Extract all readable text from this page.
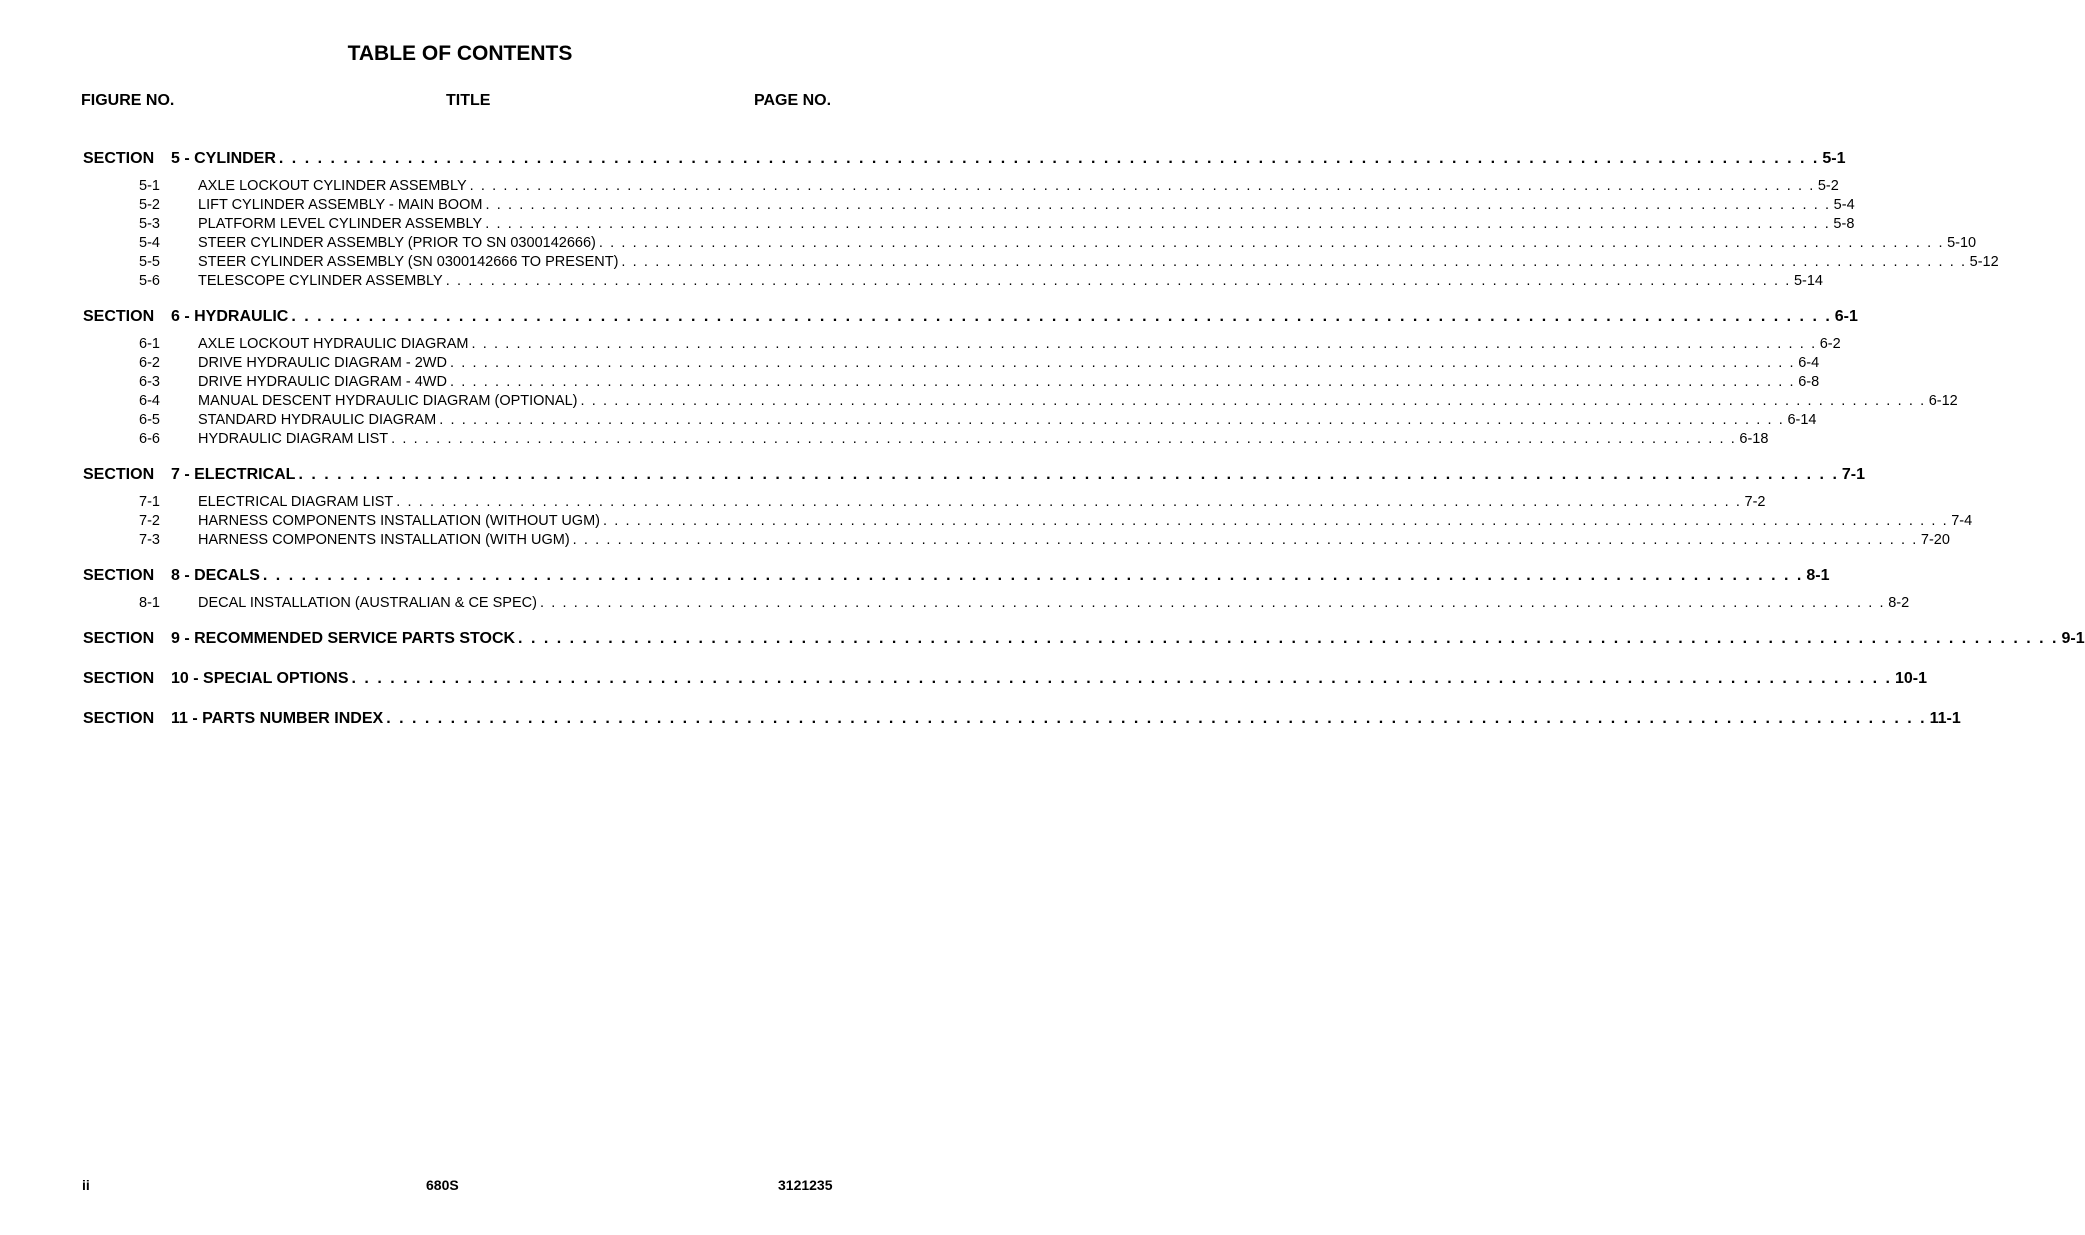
TABLE OF CONTENTS
FIGURE NO.	TITLE	PAGE NO.
SECTION	5 - CYLINDER . . . . . . . . . . . . . . . . . . . . . . . . . . . . . . . . . . . . . . . . . . . . . . . . . . . . . . . . . . . . . . . . . . . . . . . . . . . . . . . . . . . . . . . . . . . . . . . . . . . . . . . . . . . . . . . . . . . . . . . . 5-1
5-1	AXLE LOCKOUT CYLINDER ASSEMBLY . . . . . . . . . . . . . . . . . . . . . . . . . . . . . . . . . . . . . . . . . . . . . . . . . . . . . . . . . . . . . . . . . . . . . . . . . . . . . . . . . . . . . . . . . . . . . . . . . . . . . . . . . . . . . . . . . . . . . . . . 5-2
5-2	LIFT CYLINDER ASSEMBLY - MAIN BOOM . . . . . . . . . . . . . . . . . . . . . . . . . . . . . . . . . . . . . . . . . . . . . . . . . . . . . . . . . . . . . . . . . . . . . . . . . . . . . . . . . . . . . . . . . . . . . . . . . . . . . . . . . . . . . . . . . . . . . . . . 5-4
5-3	PLATFORM LEVEL CYLINDER ASSEMBLY . . . . . . . . . . . . . . . . . . . . . . . . . . . . . . . . . . . . . . . . . . . . . . . . . . . . . . . . . . . . . . . . . . . . . . . . . . . . . . . . . . . . . . . . . . . . . . . . . . . . . . . . . . . . . . . . . . . . . . . . 5-8
5-4	STEER CYLINDER ASSEMBLY (PRIOR TO SN 0300142666) . . . . . . . . . . . . . . . . . . . . . . . . . . . . . . . . . . . . . . . . . . . . . . . . . . . . . . . . . . . . . . . . . . . . . . . . . . . . . . . . . . . . . . . . . . . . . . . . . . . . . . . . . . . . . . . . . . . . . . . . 5-10
5-5	STEER CYLINDER ASSEMBLY (SN 0300142666 TO PRESENT) . . . . . . . . . . . . . . . . . . . . . . . . . . . . . . . . . . . . . . . . . . . . . . . . . . . . . . . . . . . . . . . . . . . . . . . . . . . . . . . . . . . . . . . . . . . . . . . . . . . . . . . . . . . . . . . . . . . . . . . . 5-12
5-6	TELESCOPE CYLINDER ASSEMBLY . . . . . . . . . . . . . . . . . . . . . . . . . . . . . . . . . . . . . . . . . . . . . . . . . . . . . . . . . . . . . . . . . . . . . . . . . . . . . . . . . . . . . . . . . . . . . . . . . . . . . . . . . . . . . . . . . . . . . . . . 5-14
SECTION	6 - HYDRAULIC . . . . . . . . . . . . . . . . . . . . . . . . . . . . . . . . . . . . . . . . . . . . . . . . . . . . . . . . . . . . . . . . . . . . . . . . . . . . . . . . . . . . . . . . . . . . . . . . . . . . . . . . . . . . . . . . . . . . . . . . 6-1
6-1	AXLE LOCKOUT HYDRAULIC DIAGRAM . . . . . . . . . . . . . . . . . . . . . . . . . . . . . . . . . . . . . . . . . . . . . . . . . . . . . . . . . . . . . . . . . . . . . . . . . . . . . . . . . . . . . . . . . . . . . . . . . . . . . . . . . . . . . . . . . . . . . . . . 6-2
6-2	DRIVE HYDRAULIC DIAGRAM - 2WD . . . . . . . . . . . . . . . . . . . . . . . . . . . . . . . . . . . . . . . . . . . . . . . . . . . . . . . . . . . . . . . . . . . . . . . . . . . . . . . . . . . . . . . . . . . . . . . . . . . . . . . . . . . . . . . . . . . . . . . . 6-4
6-3	DRIVE HYDRAULIC DIAGRAM - 4WD . . . . . . . . . . . . . . . . . . . . . . . . . . . . . . . . . . . . . . . . . . . . . . . . . . . . . . . . . . . . . . . . . . . . . . . . . . . . . . . . . . . . . . . . . . . . . . . . . . . . . . . . . . . . . . . . . . . . . . . . 6-8
6-4	MANUAL DESCENT HYDRAULIC DIAGRAM (OPTIONAL) . . . . . . . . . . . . . . . . . . . . . . . . . . . . . . . . . . . . . . . . . . . . . . . . . . . . . . . . . . . . . . . . . . . . . . . . . . . . . . . . . . . . . . . . . . . . . . . . . . . . . . . . . . . . . . . . . . . . . . . . 6-12
6-5	STANDARD HYDRAULIC DIAGRAM . . . . . . . . . . . . . . . . . . . . . . . . . . . . . . . . . . . . . . . . . . . . . . . . . . . . . . . . . . . . . . . . . . . . . . . . . . . . . . . . . . . . . . . . . . . . . . . . . . . . . . . . . . . . . . . . . . . . . . . . 6-14
6-6	HYDRAULIC DIAGRAM LIST . . . . . . . . . . . . . . . . . . . . . . . . . . . . . . . . . . . . . . . . . . . . . . . . . . . . . . . . . . . . . . . . . . . . . . . . . . . . . . . . . . . . . . . . . . . . . . . . . . . . . . . . . . . . . . . . . . . . . . . . 6-18
SECTION	7 - ELECTRICAL . . . . . . . . . . . . . . . . . . . . . . . . . . . . . . . . . . . . . . . . . . . . . . . . . . . . . . . . . . . . . . . . . . . . . . . . . . . . . . . . . . . . . . . . . . . . . . . . . . . . . . . . . . . . . . . . . . . . . . . . 7-1
7-1	ELECTRICAL DIAGRAM LIST . . . . . . . . . . . . . . . . . . . . . . . . . . . . . . . . . . . . . . . . . . . . . . . . . . . . . . . . . . . . . . . . . . . . . . . . . . . . . . . . . . . . . . . . . . . . . . . . . . . . . . . . . . . . . . . . . . . . . . . . 7-2
7-2	HARNESS COMPONENTS INSTALLATION (WITHOUT UGM) . . . . . . . . . . . . . . . . . . . . . . . . . . . . . . . . . . . . . . . . . . . . . . . . . . . . . . . . . . . . . . . . . . . . . . . . . . . . . . . . . . . . . . . . . . . . . . . . . . . . . . . . . . . . . . . . . . . . . . . . 7-4
7-3	HARNESS COMPONENTS INSTALLATION (WITH UGM) . . . . . . . . . . . . . . . . . . . . . . . . . . . . . . . . . . . . . . . . . . . . . . . . . . . . . . . . . . . . . . . . . . . . . . . . . . . . . . . . . . . . . . . . . . . . . . . . . . . . . . . . . . . . . . . . . . . . . . . . 7-20
SECTION	8 - DECALS . . . . . . . . . . . . . . . . . . . . . . . . . . . . . . . . . . . . . . . . . . . . . . . . . . . . . . . . . . . . . . . . . . . . . . . . . . . . . . . . . . . . . . . . . . . . . . . . . . . . . . . . . . . . . . . . . . . . . . . . 8-1
8-1	DECAL INSTALLATION (AUSTRALIAN & CE SPEC) . . . . . . . . . . . . . . . . . . . . . . . . . . . . . . . . . . . . . . . . . . . . . . . . . . . . . . . . . . . . . . . . . . . . . . . . . . . . . . . . . . . . . . . . . . . . . . . . . . . . . . . . . . . . . . . . . . . . . . . . 8-2
SECTION	9 - RECOMMENDED SERVICE PARTS STOCK . . . . . . . . . . . . . . . . . . . . . . . . . . . . . . . . . . . . . . . . . . . . . . . . . . . . . . . . . . . . . . . . . . . . . . . . . . . . . . . . . . . . . . . . . . . . . . . . . . . . . . . . . . . . . . . . . . . . . . . . 9-1
SECTION	10 - SPECIAL OPTIONS . . . . . . . . . . . . . . . . . . . . . . . . . . . . . . . . . . . . . . . . . . . . . . . . . . . . . . . . . . . . . . . . . . . . . . . . . . . . . . . . . . . . . . . . . . . . . . . . . . . . . . . . . . . . . . . . . . . . . . . . 10-1
SECTION	11 - PARTS NUMBER INDEX . . . . . . . . . . . . . . . . . . . . . . . . . . . . . . . . . . . . . . . . . . . . . . . . . . . . . . . . . . . . . . . . . . . . . . . . . . . . . . . . . . . . . . . . . . . . . . . . . . . . . . . . . . . . . . . . . . . . . . . . 11-1
ii	680S	3121235
